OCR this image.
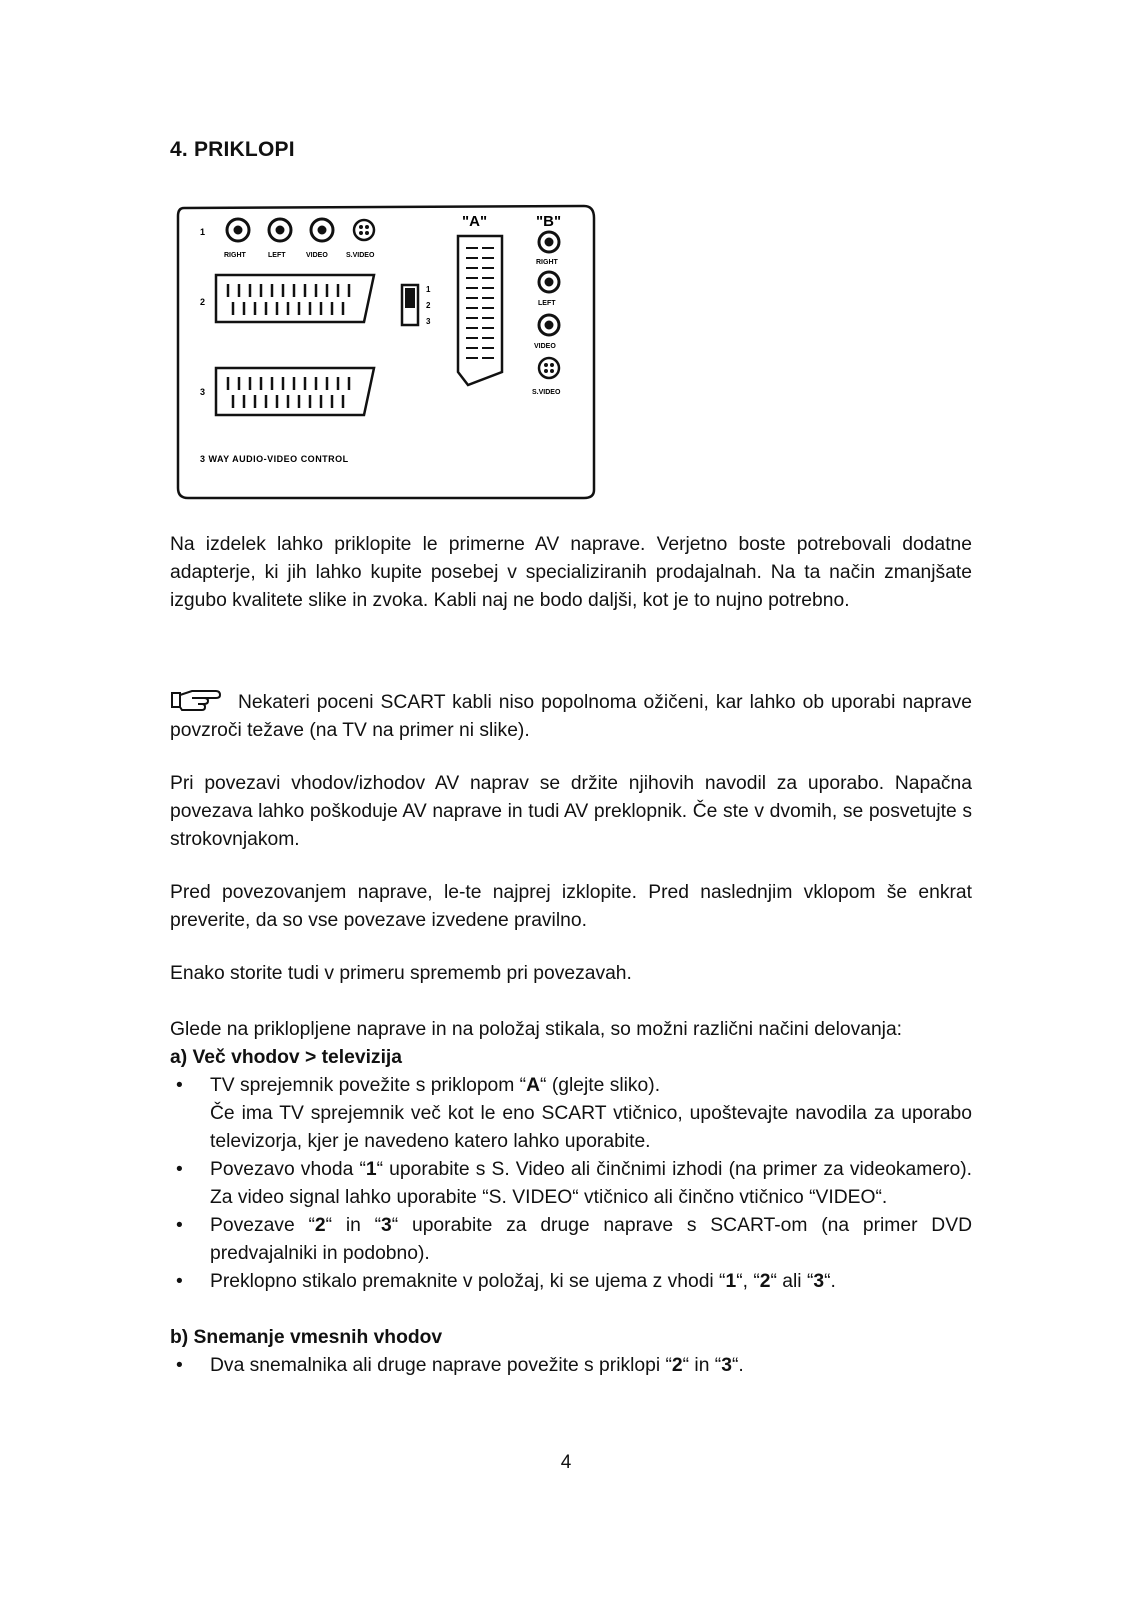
4. PRIKLOPI
1
RIGHT	LEFT	VIDEO	S.VIDEO
2
1
2
3
3
"A"	"B"
RIGHT
LEFT
VIDEO
S.VIDEO
3 WAY AUDIO-VIDEO CONTROL

Na izdelek lahko priklopite le primerne AV naprave. Verjetno boste potrebovali dodatne adapterje, ki jih lahko kupite posebej v specializiranih prodajalnah. Na ta način zmanjšate izgubo kvalitete slike in zvoka. Kabli naj ne bodo daljši, kot je to nujno potrebno.

Nekateri poceni SCART kabli niso popolnoma ožičeni, kar lahko ob uporabi naprave povzroči težave (na TV na primer ni slike).

Pri povezavi vhodov/izhodov AV naprav se držite njihovih navodil za uporabo. Napačna povezava lahko poškoduje AV naprave in tudi AV preklopnik. Če ste v dvomih, se posvetujte s strokovnjakom.

Pred povezovanjem naprave, le-te najprej izklopite. Pred naslednjim vklopom še enkrat preverite, da so vse povezave izvedene pravilno.

Enako storite tudi v primeru sprememb pri povezavah.

Glede na priklopljene naprave in na položaj stikala, so možni različni načini delovanja:

a) Več vhodov > televizija
• TV sprejemnik povežite s priklopom “A“ (glejte sliko).
Če ima TV sprejemnik več kot le eno SCART vtičnico, upoštevajte navodila za uporabo televizorja, kjer je navedeno katero lahko uporabite.
• Povezavo vhoda “1“ uporabite s S. Video ali činčnimi izhodi (na primer za videokamero). Za video signal lahko uporabite “S. VIDEO“ vtičnico ali činčno vtičnico “VIDEO“.
• Povezave “2“ in “3“ uporabite za druge naprave s SCART-om (na primer DVD predvajalniki in podobno).
• Preklopno stikalo premaknite v položaj, ki se ujema z vhodi “1“, “2“ ali “3“.
b) Snemanje vmesnih vhodov
• Dva snemalnika ali druge naprave povežite s priklopi “2“ in “3“.
4
